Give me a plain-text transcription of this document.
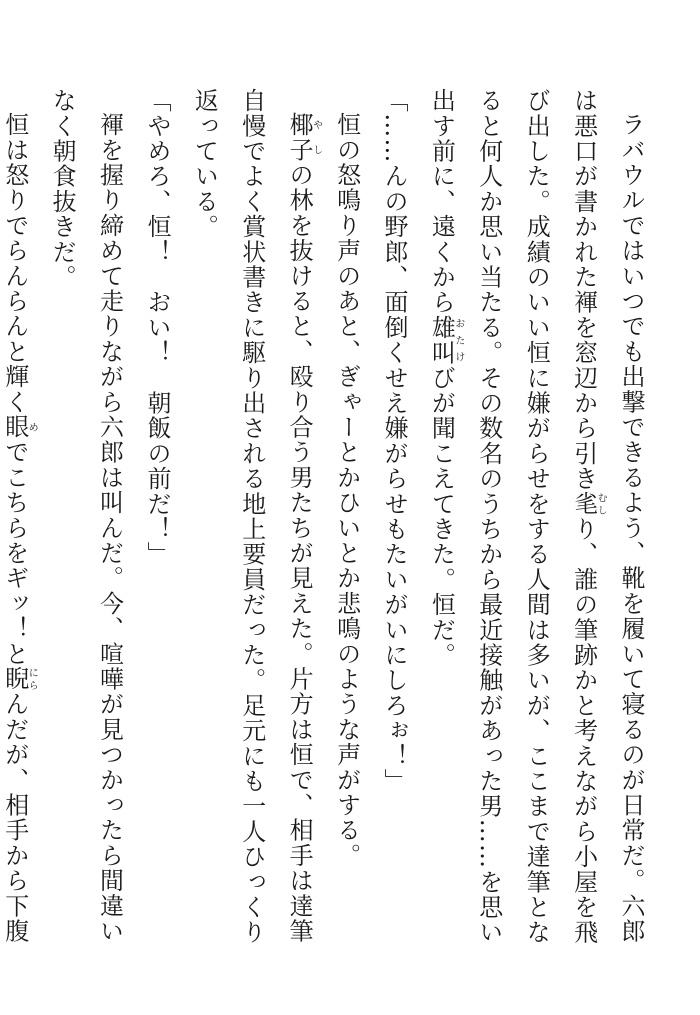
ラバウルではいつでも出撃できるよう、靴を履いて寝るのが日常だ。六郎は悪口が書かれた褌を窓辺から引き毟むしり、誰の筆跡かと考えながら小屋を飛び出した。成績のいい恒に嫌がらせをする人間は多いが、ここまで達筆となると何人か思い当たる。その数名のうちから最近接触があった男……を思い出す前に、遠くから雄叫おたけびが聞こえてきた。恒だ。

「……んの野郎、面倒くせえ嫌がらせもたいがいにしろぉ！」

恒の怒鳴り声のあと、ぎゃーとかひいとか悲鳴のような声がする。

椰子やしの林を抜けると、殴り合う男たちが見えた。片方は恒で、相手は達筆自慢でよく賞状書きに駆り出される地上要員だった。足元にも一人ひっくり返っている。

「やめろ、恒！　おい！　朝飯の前だ！」

褌を握り締めて走りながら六郎は叫んだ。今、喧嘩が見つかったら間違いなく朝食抜きだ。

恒は怒りでらんらんと輝く眼めでこちらをギッ！と睨にらんだが、相手から下腹
